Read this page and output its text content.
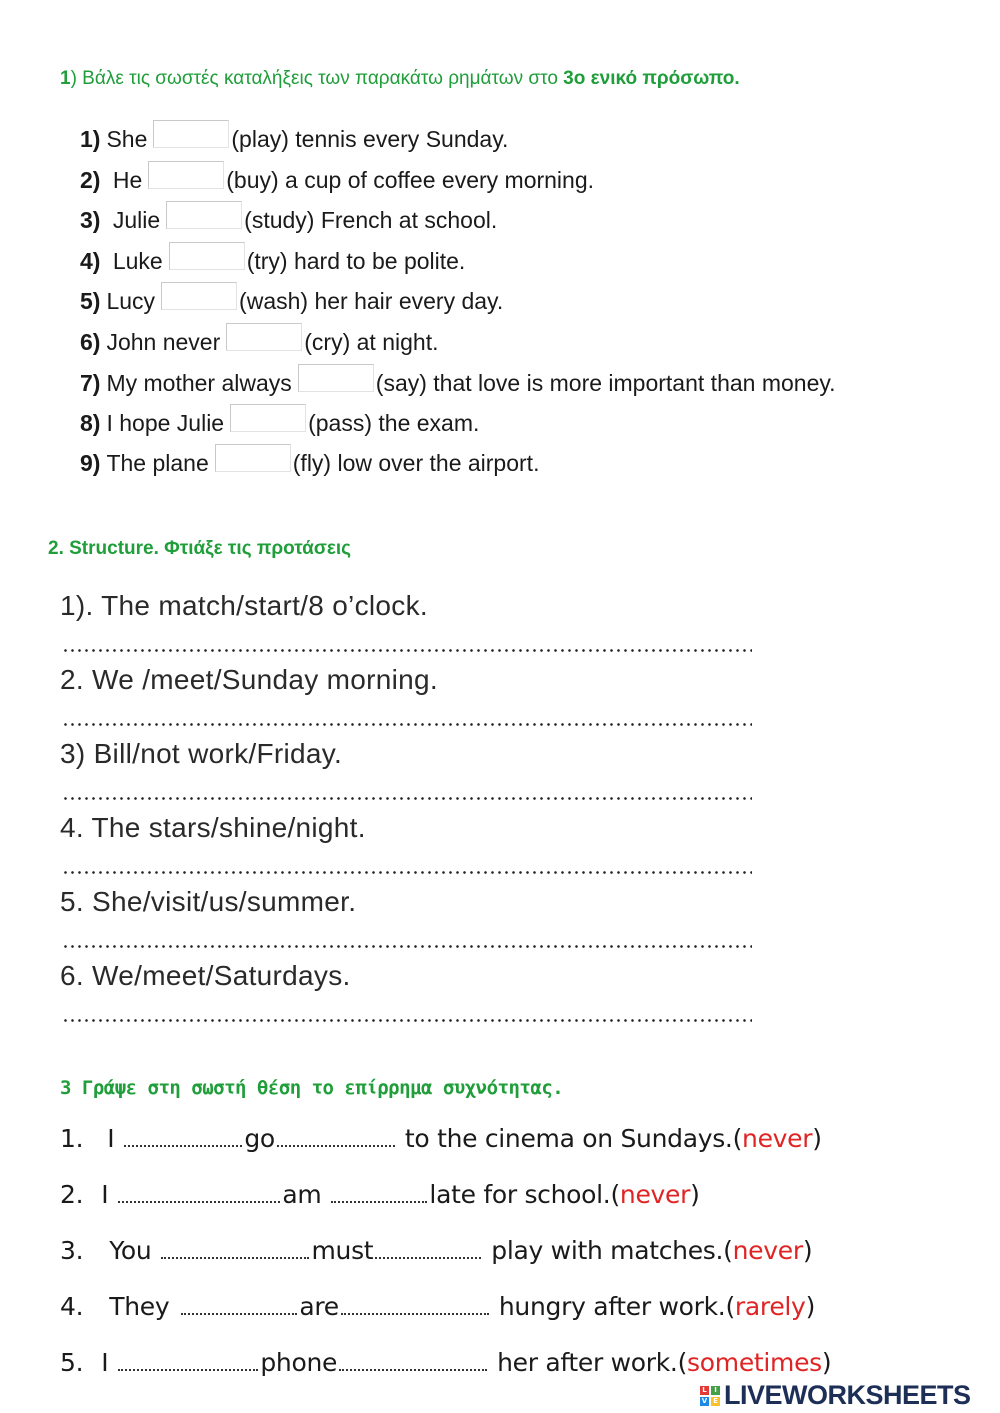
1) Βάλε τις σωστές καταλήξεις των παρακάτω ρημάτων στο 3ο ενικό πρόσωπο.
1) She	(play) tennis every Sunday.
2) He	(buy) a cup of coffee every morning.
3) Julie	(study) French at school.
4) Luke	(try) hard to be polite.
5) Lucy	(wash) her hair every day.
6) John never	(cry) at night.
7) My mother always	(say) that love is more important than money.
8) I hope Julie	(pass) the exam.
9) The plane	(fly) low over the airport.
2. Structure. Φτιάξε τις προτάσεις
1). The match/start/8 o’clock.
2. We /meet/Sunday morning.
3) Bill/not work/Friday.
4. The stars/shine/night.
5. She/visit/us/summer.
6. We/meet/Saturdays.
3 Γράψε στη σωστή θέση το επίρρημα συχνότητας.
1. I	go	to the cinema on Sundays.( never )
2. I	am	late for school.( never )
3. You	must	play with matches.( never )
4. They	are	hungry after work.( rarely )
5. I	phone	her after work.( sometimes )
L	I
V E LIVEWORKSHEETS
